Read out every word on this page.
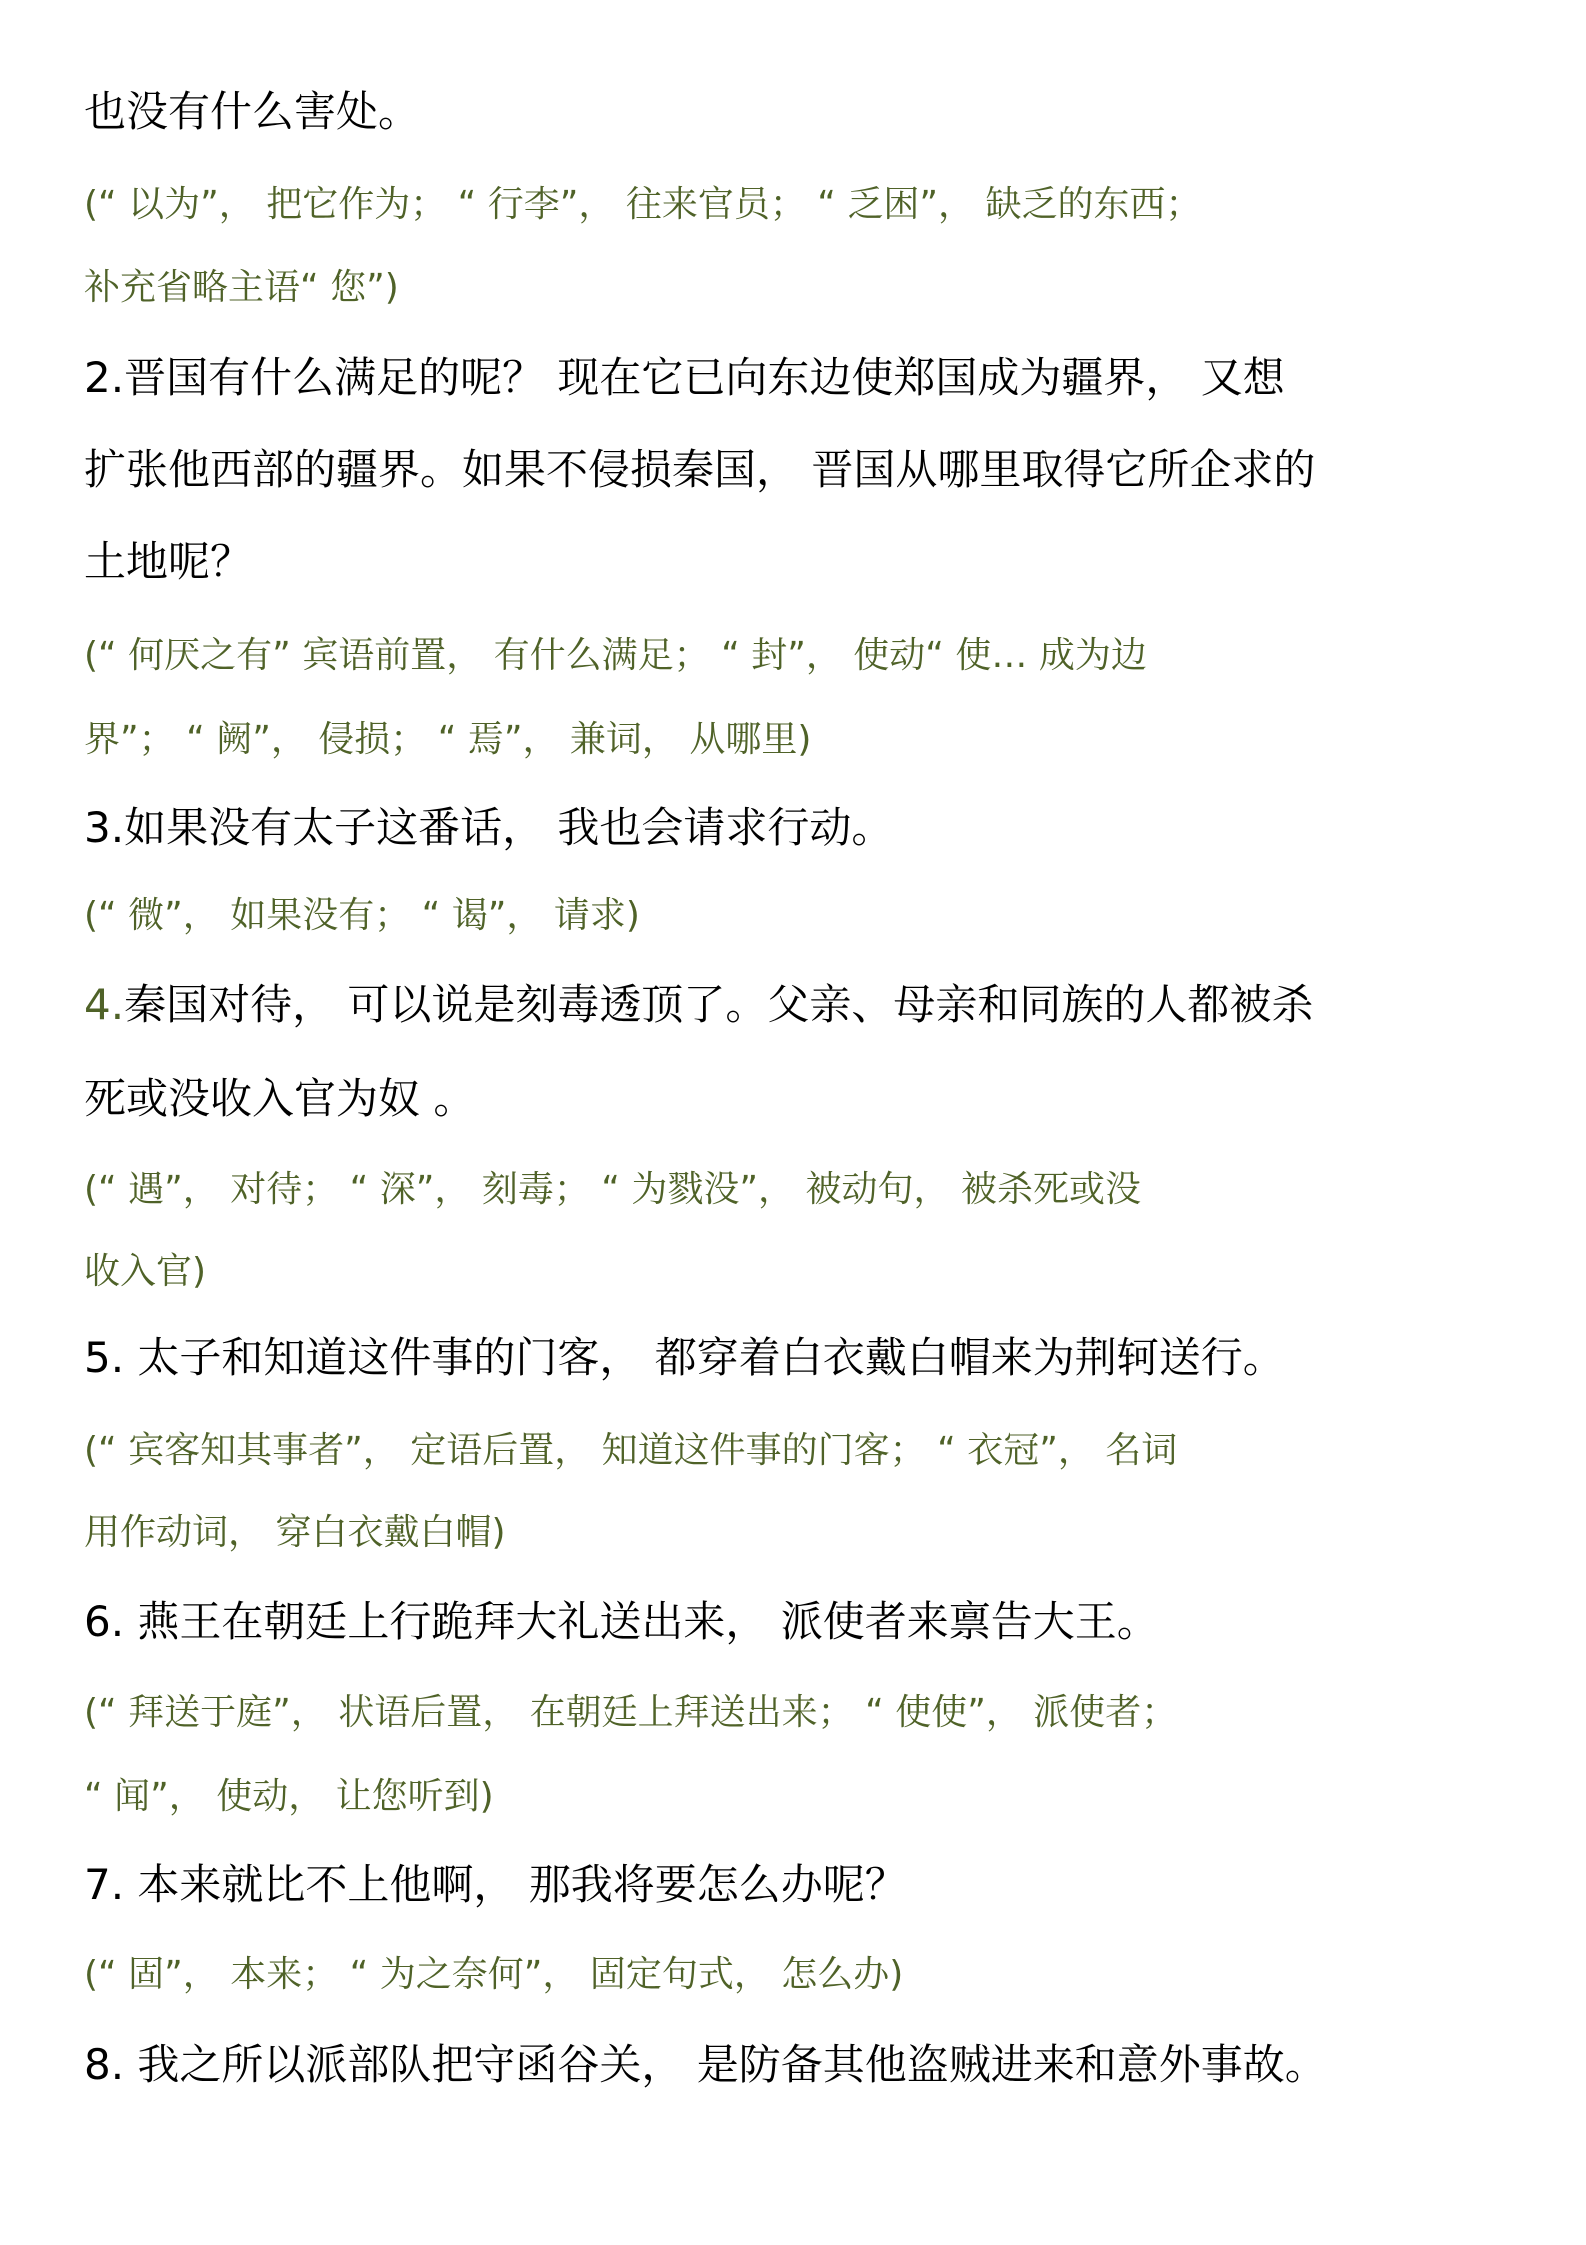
也没有什么害处。
(“ 以为”， 把它作为； “ 行李”， 往来官员； “ 乏困”， 缺乏的东西；
补充省略主语“ 您”)
2.晋国有什么满足的呢？ 现在它已向东边使郑国成为疆界， 又想
扩张他西部的疆界。如果不侵损秦国， 晋国从哪里取得它所企求的
土地呢？
(“ 何厌之有” 宾语前置， 有什么满足； “ 封”， 使动“ 使… 成为边
界”； “ 阙”， 侵损； “ 焉”， 兼词， 从哪里)
3.如果没有太子这番话， 我也会请求行动。
(“ 微”， 如果没有； “ 谒”， 请求)
4.秦国对待， 可以说是刻毒透顶了。父亲、母亲和同族的人都被杀
死或没收入官为奴 。
(“ 遇”， 对待； “ 深”， 刻毒； “ 为戮没”， 被动句， 被杀死或没
收入官)
5. 太子和知道这件事的门客， 都穿着白衣戴白帽来为荆轲送行。
(“ 宾客知其事者”， 定语后置， 知道这件事的门客； “ 衣冠”， 名词
用作动词， 穿白衣戴白帽)
6. 燕王在朝廷上行跪拜大礼送出来， 派使者来禀告大王。
(“ 拜送于庭”， 状语后置， 在朝廷上拜送出来； “ 使使”， 派使者；
“ 闻”， 使动， 让您听到)
7. 本来就比不上他啊， 那我将要怎么办呢？
(“ 固”， 本来； “ 为之奈何”， 固定句式， 怎么办)
8. 我之所以派部队把守函谷关， 是防备其他盗贼进来和意外事故。
